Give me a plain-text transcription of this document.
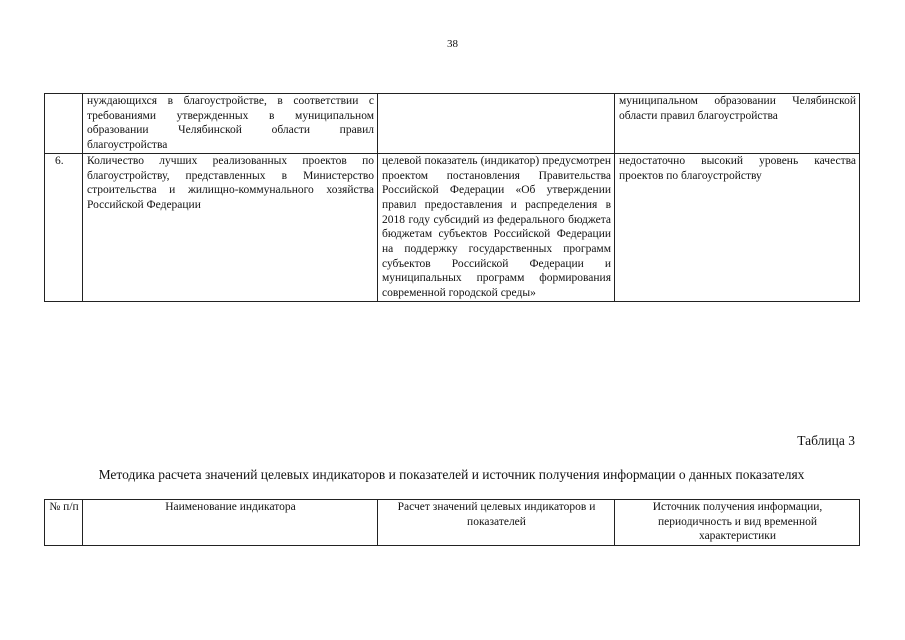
38
	нуждающихся в благоустройстве, в соответствии с требованиями утвержденных в муниципальном образовании Челябинской области правил благоустройства		муниципальном образовании Челябинской области правил благоустройства
6.	Количество лучших реализованных проектов по благоустройству, представленных в Министерство строительства и жилищно-коммунального хозяйства Российской Федерации	целевой показатель (индикатор) предусмотрен проектом постановления Правительства Российской Федерации «Об утверждении правил предоставления и распределения в 2018 году субсидий из федерального бюджета бюджетам субъектов Российской Федерации на поддержку государственных программ субъектов Российской Федерации и муниципальных программ формирования современной городской среды»	недостаточно высокий уровень качества проектов по благоустройству
Таблица 3
Методика расчета значений целевых индикаторов и показателей и источник получения информации о данных показателях
№ п/п	Наименование индикатора	Расчет значений целевых индикаторов и показателей	Источник получения информации, периодичность и вид временной характеристики
